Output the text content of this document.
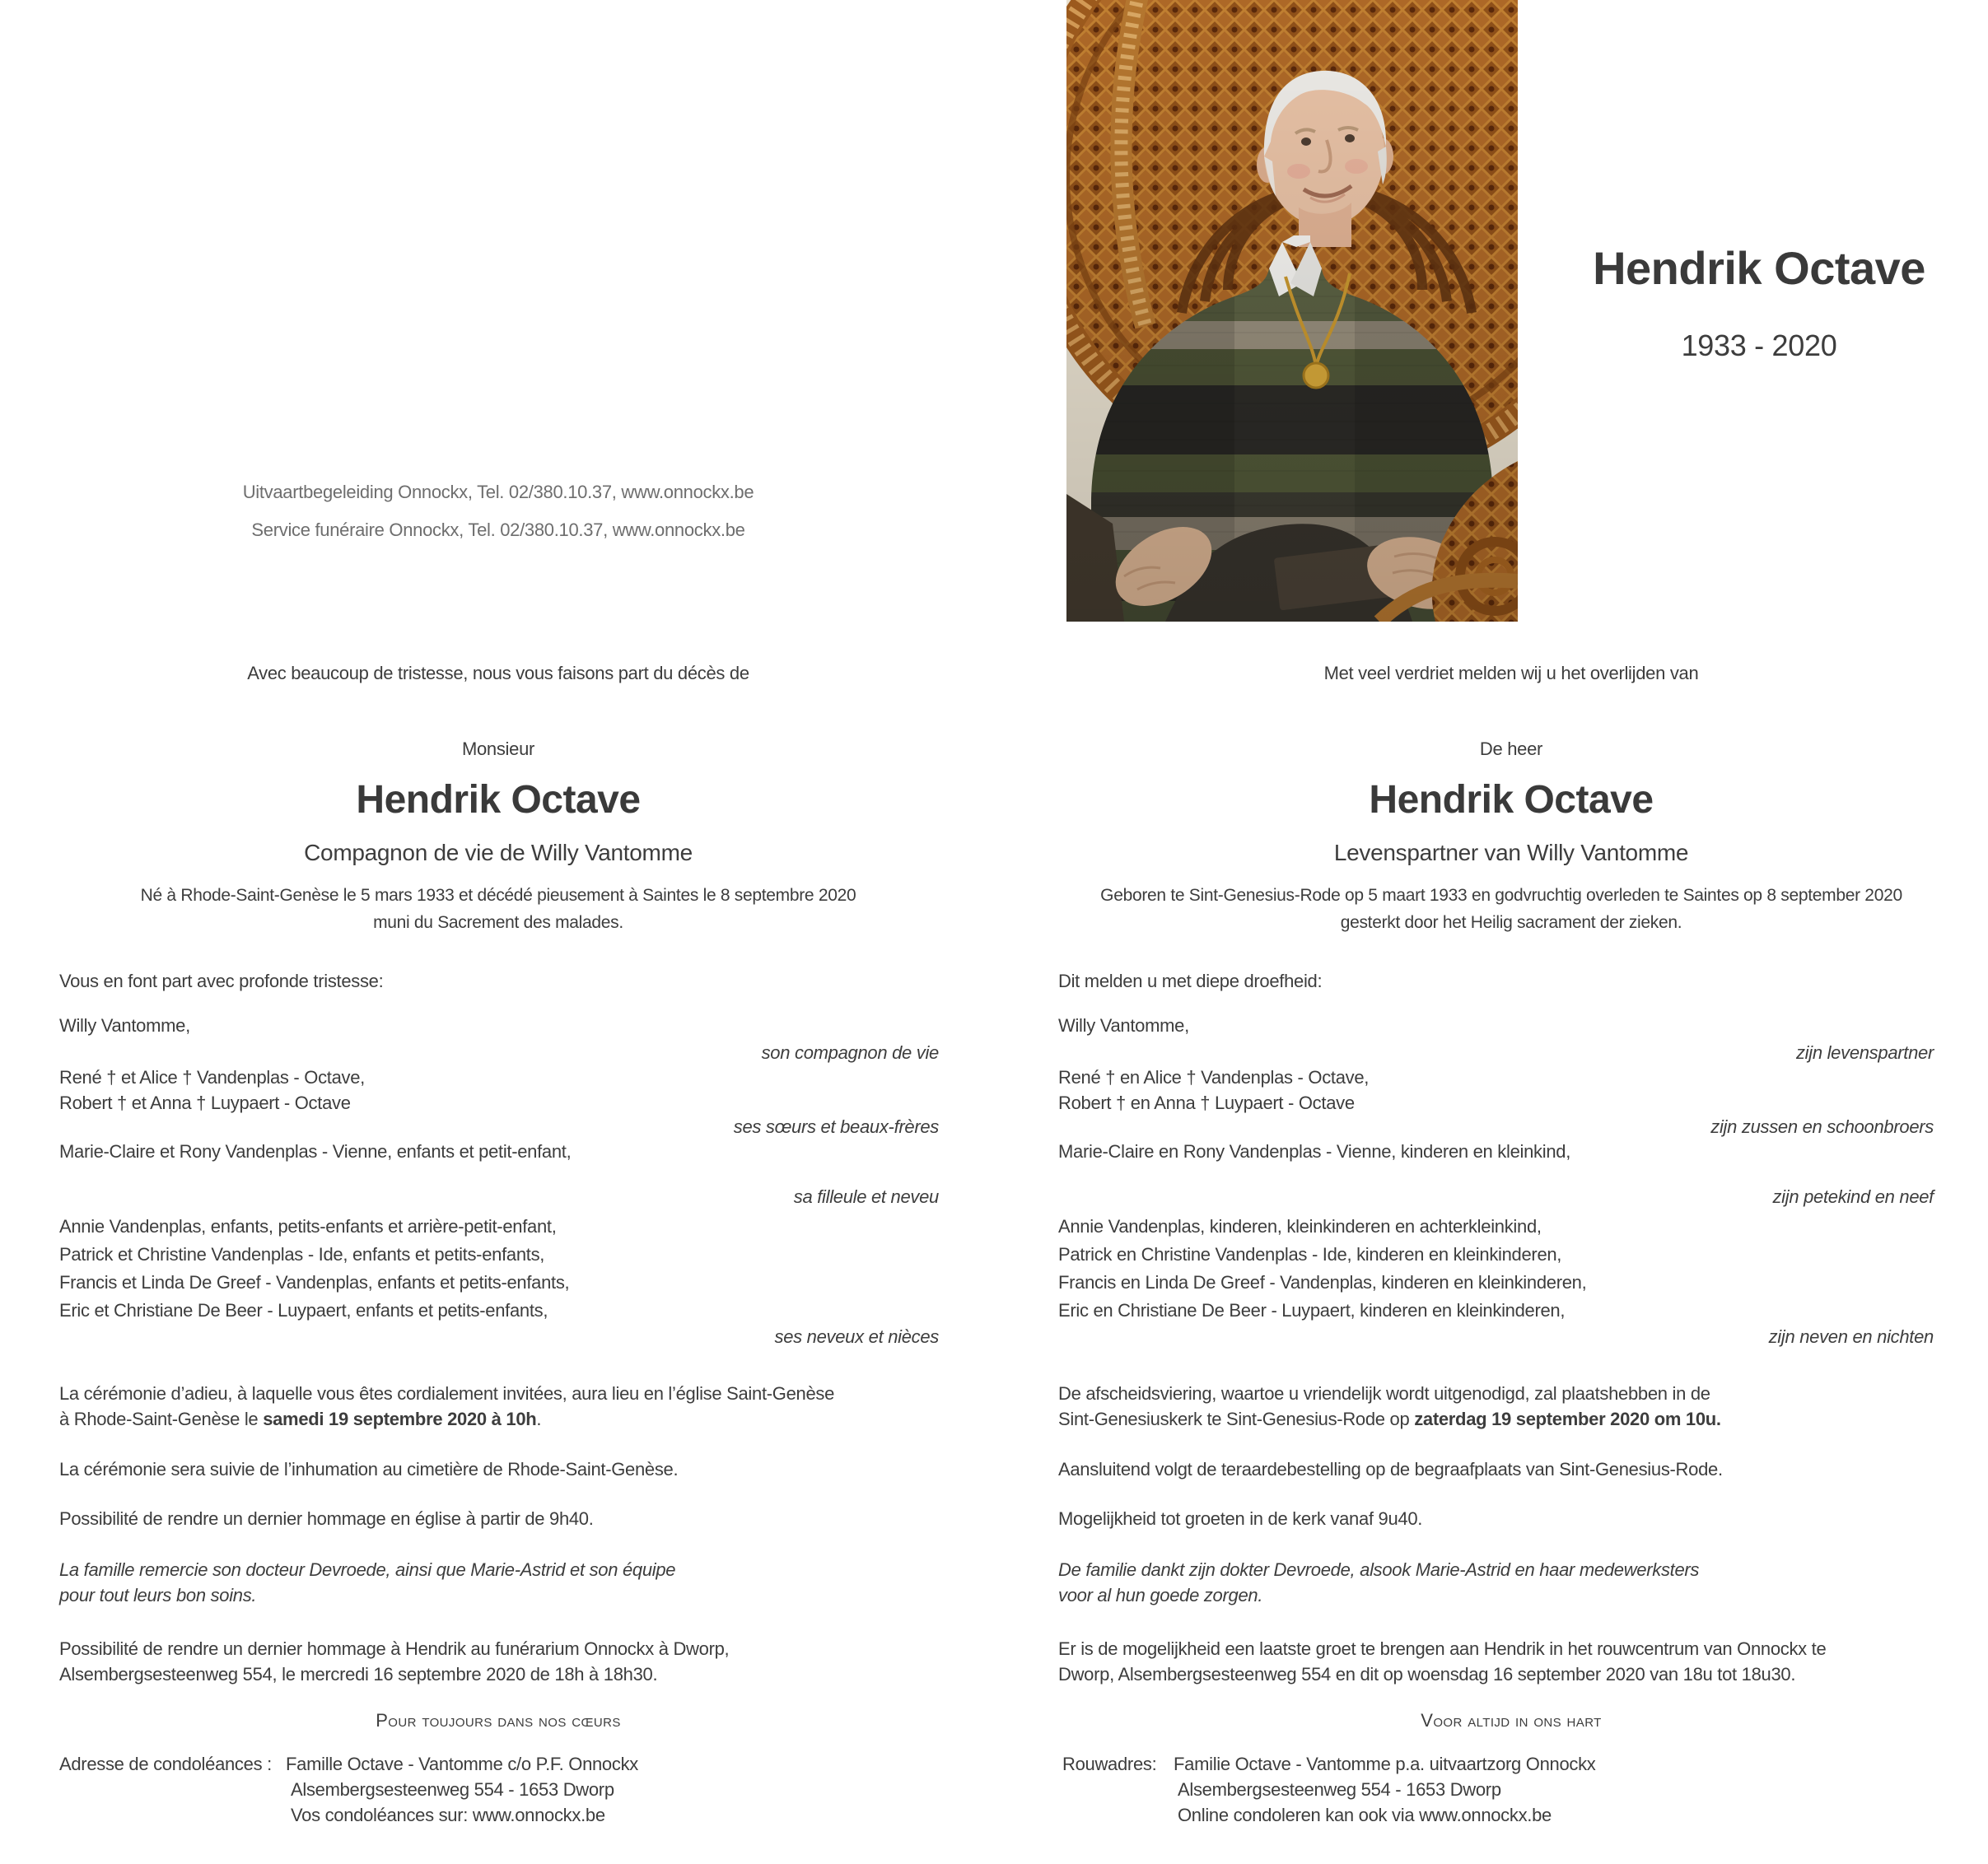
Uitvaartbegeleiding Onnockx, Tel. 02/380.10.37, www.onnockx.be
Service funéraire Onnockx, Tel. 02/380.10.37, www.onnockx.be
Avec beaucoup de tristesse, nous vous faisons part du décès de
Monsieur
Hendrik Octave
Compagnon de vie de Willy Vantomme
Né à Rhode-Saint-Genèse le 5 mars 1933 et décédé pieusement à Saintes le 8 septembre 2020
muni du Sacrement des malades.
Vous en font part avec profonde tristesse:
Willy Vantomme,
son compagnon de vie
René † et Alice † Vandenplas - Octave,
Robert † et Anna † Luypaert - Octave
ses sœurs et beaux-frères
Marie-Claire et Rony Vandenplas - Vienne, enfants et petit-enfant,
sa filleule et neveu
Annie Vandenplas, enfants, petits-enfants et arrière-petit-enfant,
Patrick et Christine Vandenplas - Ide, enfants et petits-enfants,
Francis et Linda De Greef - Vandenplas, enfants et petits-enfants,
Eric et Christiane De Beer - Luypaert, enfants et petits-enfants,
ses neveux et nièces
La cérémonie d’adieu, à laquelle vous êtes cordialement invitées, aura lieu en l’église Saint-Genèse
à Rhode-Saint-Genèse le samedi 19 septembre 2020 à 10h.
La cérémonie sera suivie de l’inhumation au cimetière de Rhode-Saint-Genèse.
Possibilité de rendre un dernier hommage en église à partir de 9h40.
La famille remercie son docteur Devroede, ainsi que Marie-Astrid et son équipe
pour tout leurs bon soins.
Possibilité de rendre un dernier hommage à Hendrik au funérarium Onnockx à Dworp,
Alsembergsesteenweg 554, le mercredi 16 septembre 2020 de 18h à 18h30.
Pour toujours dans nos cœurs
Adresse de condoléances : Famille Octave - Vantomme c/o P.F. Onnockx
Alsembergsesteenweg 554 - 1653 Dworp
Vos condoléances sur: www.onnockx.be
Hendrik Octave
1933 - 2020
Met veel verdriet melden wij u het overlijden van
De heer
Hendrik Octave
Levenspartner van Willy Vantomme
Geboren te Sint-Genesius-Rode op 5 maart 1933 en godvruchtig overleden te Saintes op 8 september 2020
gesterkt door het Heilig sacrament der zieken.
Dit melden u met diepe droefheid:
Willy Vantomme,
zijn levenspartner
René † en Alice † Vandenplas - Octave,
Robert † en Anna † Luypaert - Octave
zijn zussen en schoonbroers
Marie-Claire en Rony Vandenplas - Vienne, kinderen en kleinkind,
zijn petekind en neef
Annie Vandenplas, kinderen, kleinkinderen en achterkleinkind,
Patrick en Christine Vandenplas - Ide, kinderen en kleinkinderen,
Francis en Linda De Greef - Vandenplas, kinderen en kleinkinderen,
Eric en Christiane De Beer - Luypaert, kinderen en kleinkinderen,
zijn neven en nichten
De afscheidsviering, waartoe u vriendelijk wordt uitgenodigd, zal plaatshebben in de
Sint-Genesiuskerk te Sint-Genesius-Rode op zaterdag 19 september 2020 om 10u.
Aansluitend volgt de teraardebestelling op de begraafplaats van Sint-Genesius-Rode.
Mogelijkheid tot groeten in de kerk vanaf 9u40.
De familie dankt zijn dokter Devroede, alsook Marie-Astrid en haar medewerksters
voor al hun goede zorgen.
Er is de mogelijkheid een laatste groet te brengen aan Hendrik in het rouwcentrum van Onnockx te
Dworp, Alsembergsesteenweg 554 en dit op woensdag 16 september 2020 van 18u tot 18u30.
Voor altijd in ons hart
Rouwadres: Familie Octave - Vantomme p.a. uitvaartzorg Onnockx
Alsembergsesteenweg 554 - 1653 Dworp
Online condoleren kan ook via www.onnockx.be
